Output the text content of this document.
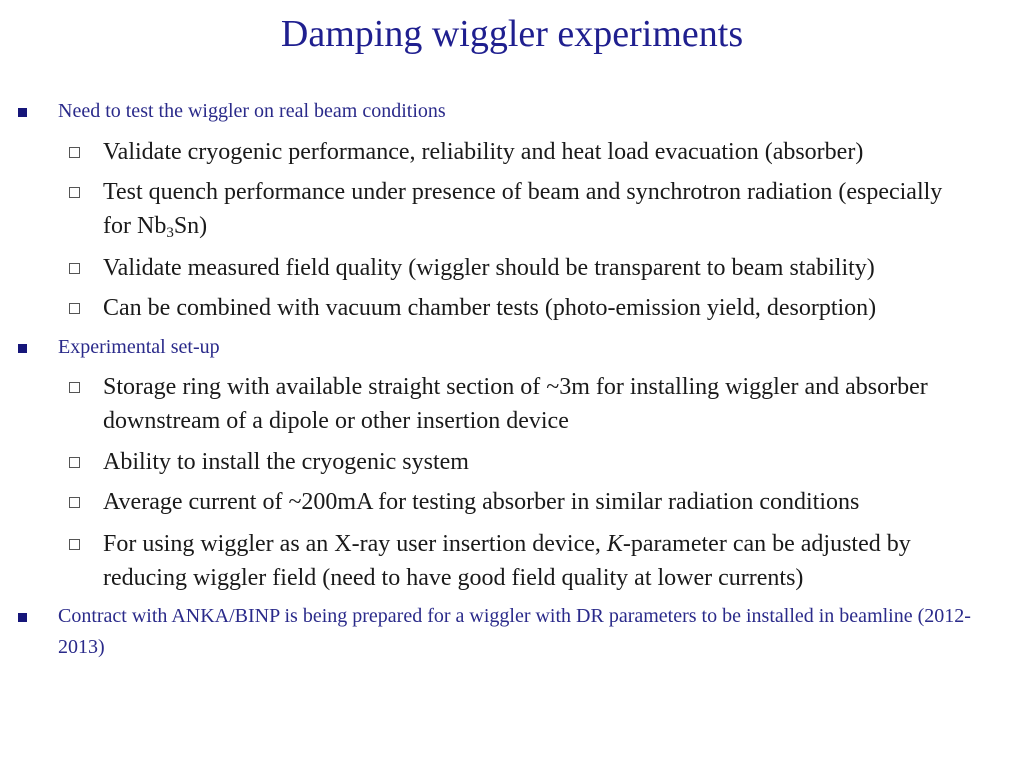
Damping wiggler experiments
Need to test the wiggler on real beam conditions
Validate cryogenic performance, reliability and heat load evacuation (absorber)
Test quench performance under presence of beam and synchrotron radiation (especially for $Nb_3Sn$)
Validate measured field quality (wiggler should be transparent to beam stability)
Can be combined with vacuum chamber tests (photo-emission yield, desorption)
Experimental set-up
Storage ring with available straight section of ~3m for installing wiggler and absorber downstream of a dipole or other insertion device
Ability to install the cryogenic system
Average current of ~200mA for testing absorber in similar radiation conditions
For using wiggler as an X-ray user insertion device, K-parameter can be adjusted by reducing wiggler field (need to have good field quality at lower currents)
Contract with ANKA/BINP is being prepared for a wiggler with DR parameters to be installed in beamline (2012-2013)
